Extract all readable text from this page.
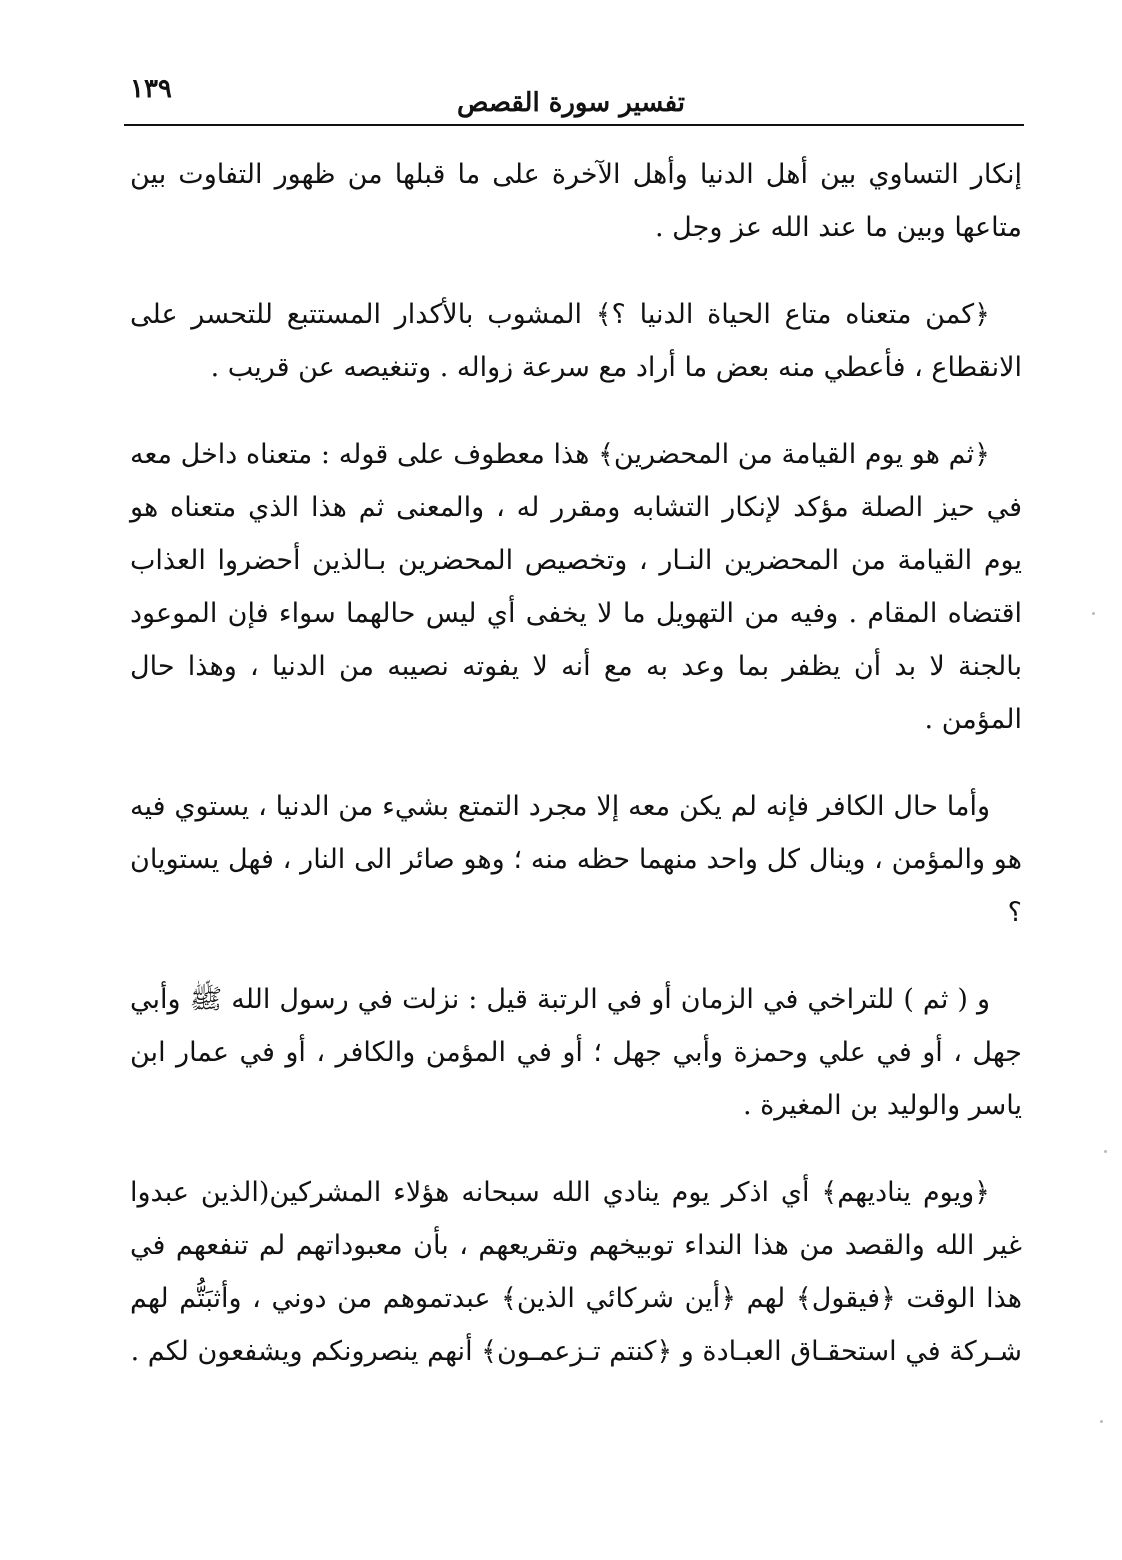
١٣٩	تفسير سورة القصص

إنكار التساوي بين أهل الدنيا وأهل الآخرة على ما قبلها من ظهور التفاوت بين متاعها وبين ما عند الله عز وجل .

﴿كمن متعناه متاع الحياة الدنيا ؟﴾ المشوب بالأكدار المستتبع للتحسر على الانقطاع ، فأعطي منه بعض ما أراد مع سرعة زواله . وتنغيصه عن قريب .

﴿ثم هو يوم القيامة من المحضرين﴾ هذا معطوف على قوله : متعناه داخل معه في حيز الصلة مؤكد لإنكار التشابه ومقرر له ، والمعنى ثم هذا الذي متعناه هو يوم القيامة من المحضرين النـار ، وتخصيص المحضرين بـالذين أحضروا العذاب اقتضاه المقام . وفيه من التهويل ما لا يخفى أي ليس حالهما سواء فإن الموعود بالجنة لا بد أن يظفر بما وعد به مع أنه لا يفوته نصيبه من الدنيا ، وهذا حال المؤمن .

وأما حال الكافر فإنه لم يكن معه إلا مجرد التمتع بشيء من الدنيا ، يستوي فيه هو والمؤمن ، وينال كل واحد منهما حظه منه ؛ وهو صائر الى النار ، فهل يستويان ؟

و ( ثم ) للتراخي في الزمان أو في الرتبة قيل : نزلت في رسول الله ﷺ وأبي جهل ، أو في علي وحمزة وأبي جهل ؛ أو في المؤمن والكافر ، أو في عمار ابن ياسر والوليد بن المغيرة .

﴿ويوم يناديهم﴾ أي اذكر يوم ينادي الله سبحانه هؤلاء المشركين(الذين عبدوا غير الله والقصد من هذا النداء توبيخهم وتقريعهم ، بأن معبوداتهم لم تنفعهم في هذا الوقت ﴿فيقول﴾ لهم ﴿أين شركائي الذين﴾ عبدتموهم من دوني ، وأثبَتُّم لهم شـركة في استحقـاق العبـادة و ﴿كنتم تـزعمـون﴾ أنهم ينصرونكم ويشفعون لكم .
